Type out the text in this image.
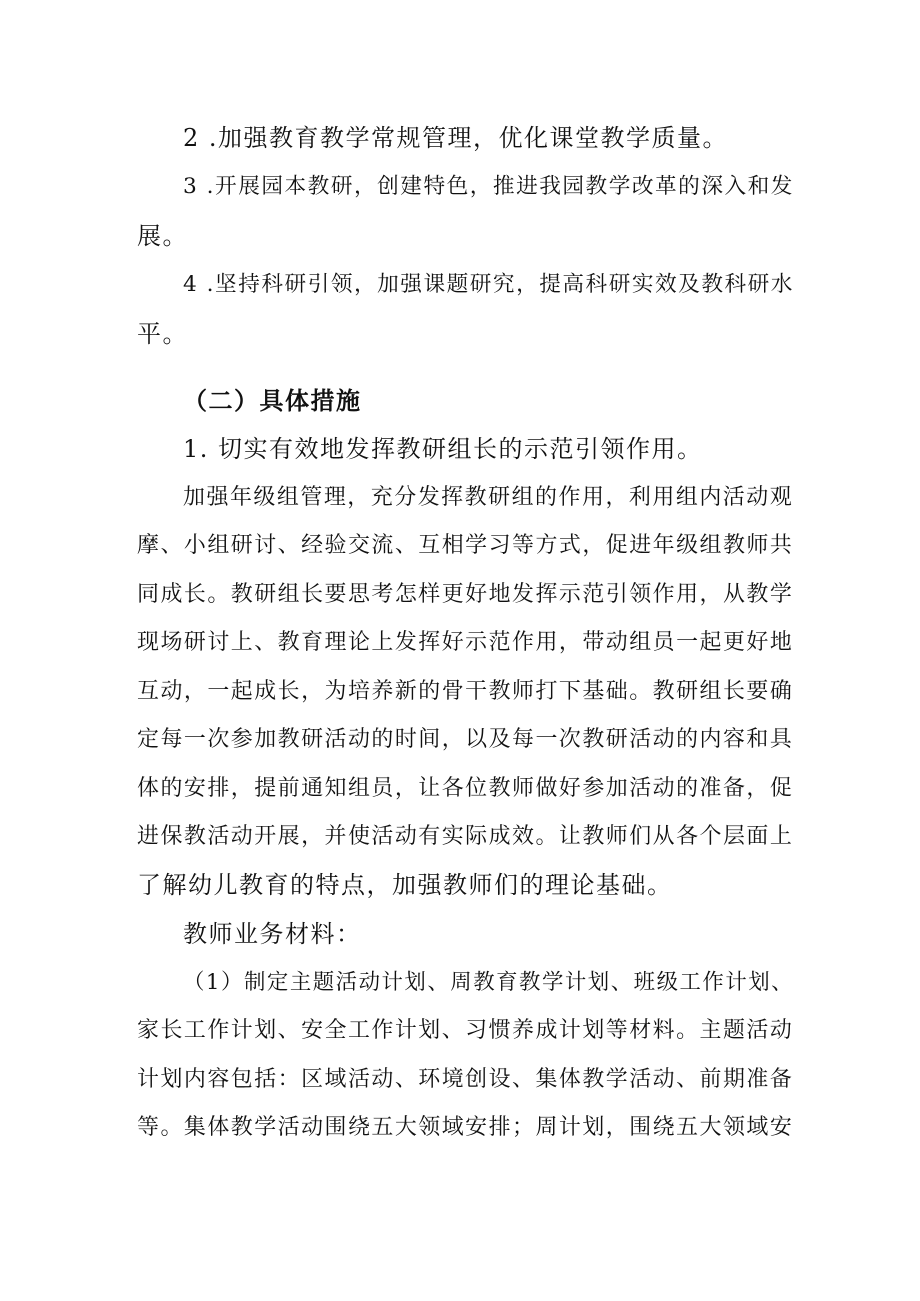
2 .加强教育教学常规管理，优化课堂教学质量。
3 .开展园本教研，创建特色，推进我园教学改革的深入和发
展。
4 .坚持科研引领，加强课题研究，提高科研实效及教科研水
平。
（二）具体措施
1. 切实有效地发挥教研组长的示范引领作用。
加强年级组管理，充分发挥教研组的作用，利用组内活动观
摩、小组研讨、经验交流、互相学习等方式，促进年级组教师共
同成长。教研组长要思考怎样更好地发挥示范引领作用，从教学
现场研讨上、教育理论上发挥好示范作用，带动组员一起更好地
互动，一起成长，为培养新的骨干教师打下基础。教研组长要确
定每一次参加教研活动的时间，以及每一次教研活动的内容和具
体的安排，提前通知组员，让各位教师做好参加活动的准备，促
进保教活动开展，并使活动有实际成效。让教师们从各个层面上
了解幼儿教育的特点，加强教师们的理论基础。
教师业务材料：
（1）制定主题活动计划、周教育教学计划、班级工作计划、
家长工作计划、安全工作计划、习惯养成计划等材料。主题活动
计划内容包括：区域活动、环境创设、集体教学活动、前期准备
等。集体教学活动围绕五大领域安排；周计划，围绕五大领域安
